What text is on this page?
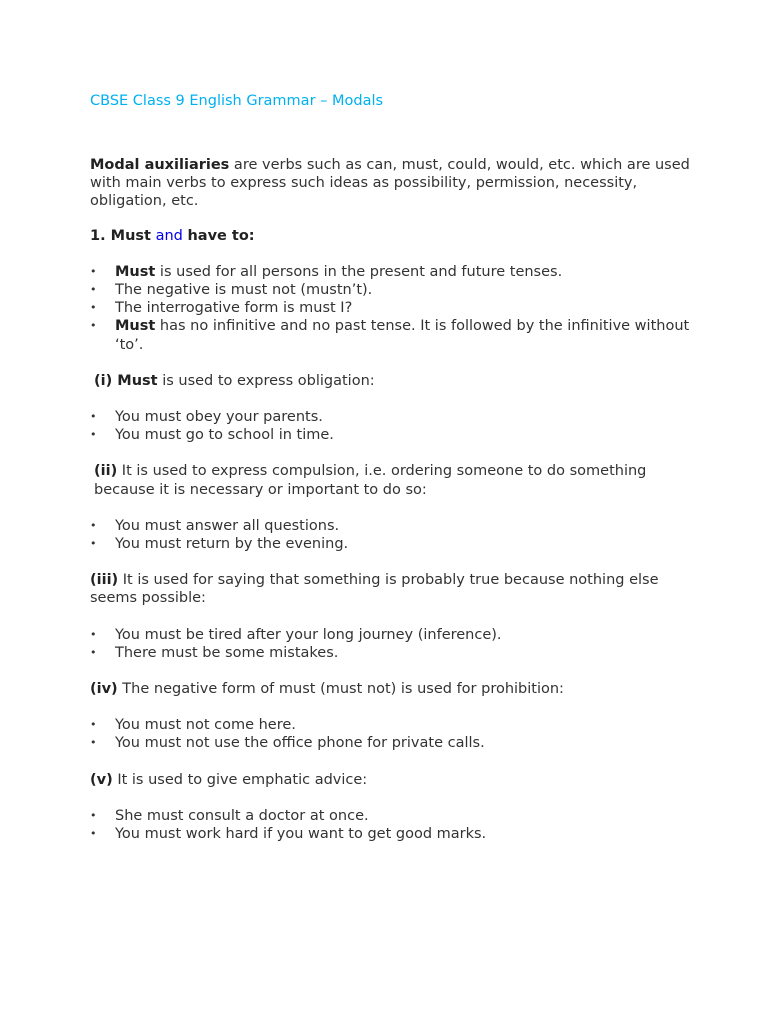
CBSE Class 9 English Grammar – Modals

Modal auxiliaries are verbs such as can, must, could, would, etc. which are used with main verbs to express such ideas as possibility, permission, necessity, obligation, etc.

1. Must and have to:

• Must is used for all persons in the present and future tenses.
• The negative is must not (mustn’t).
• The interrogative form is must I?
• Must has no infinitive and no past tense. It is followed by the infinitive without ‘to’.

(i) Must is used to express obligation:

• You must obey your parents.
• You must go to school in time.

(ii) It is used to express compulsion, i.e. ordering someone to do something because it is necessary or important to do so:

• You must answer all questions.
• You must return by the evening.

(iii) It is used for saying that something is probably true because nothing else seems possible:

• You must be tired after your long journey (inference).
• There must be some mistakes.

(iv) The negative form of must (must not) is used for prohibition:

• You must not come here.
• You must not use the office phone for private calls.

(v) It is used to give emphatic advice:

• She must consult a doctor at once.
• You must work hard if you want to get good marks.
